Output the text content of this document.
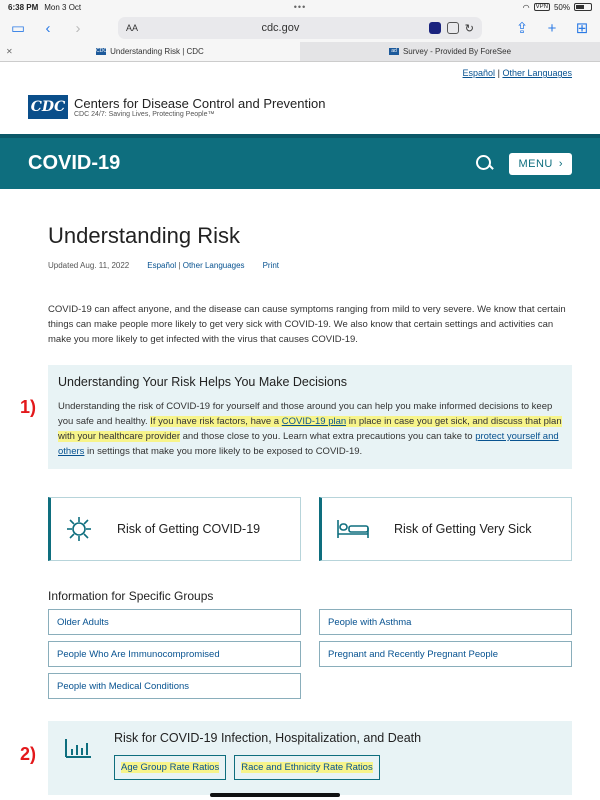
6:38 PM Mon 3 Oct	•••	◠	VPN 50%
▭	‹	›	AA	cdc.gov	↻	⇪	+	⊞
✕	CDC Understanding Risk | CDC	ad Survey - Provided By ForeSee
Español | Other Languages
CDC Centers for Disease Control and Prevention
CDC 24/7: Saving Lives, Protecting People™
COVID-19	MENU ›
Understanding Risk
Updated Aug. 11, 2022 Español | Other Languages Print

COVID-19 can affect anyone, and the disease can cause symptoms ranging from mild to very severe. We know that certain things can make people more likely to get very sick with COVID-19. We also know that certain settings and activities can make you more likely to get infected with the virus that causes COVID-19.

Understanding Your Risk Helps You Make Decisions

Understanding the risk of COVID-19 for yourself and those around you can help you make informed decisions to keep you safe and healthy. If you have risk factors, have a COVID-19 plan in place in case you get sick, and discuss that plan with your healthcare provider and those close to you. Learn what extra precautions you can take to protect yourself and others in settings that make you more likely to be exposed to COVID-19.

Risk of Getting COVID-19	Risk of Getting Very Sick
Information for Specific Groups
Older Adults	People with Asthma
People Who Are Immunocompromised	Pregnant and Recently Pregnant People
People with Medical Conditions
Risk for COVID-19 Infection, Hospitalization, and Death
Age Group Rate Ratios	Race and Ethnicity Rate Ratios
1)
2)
